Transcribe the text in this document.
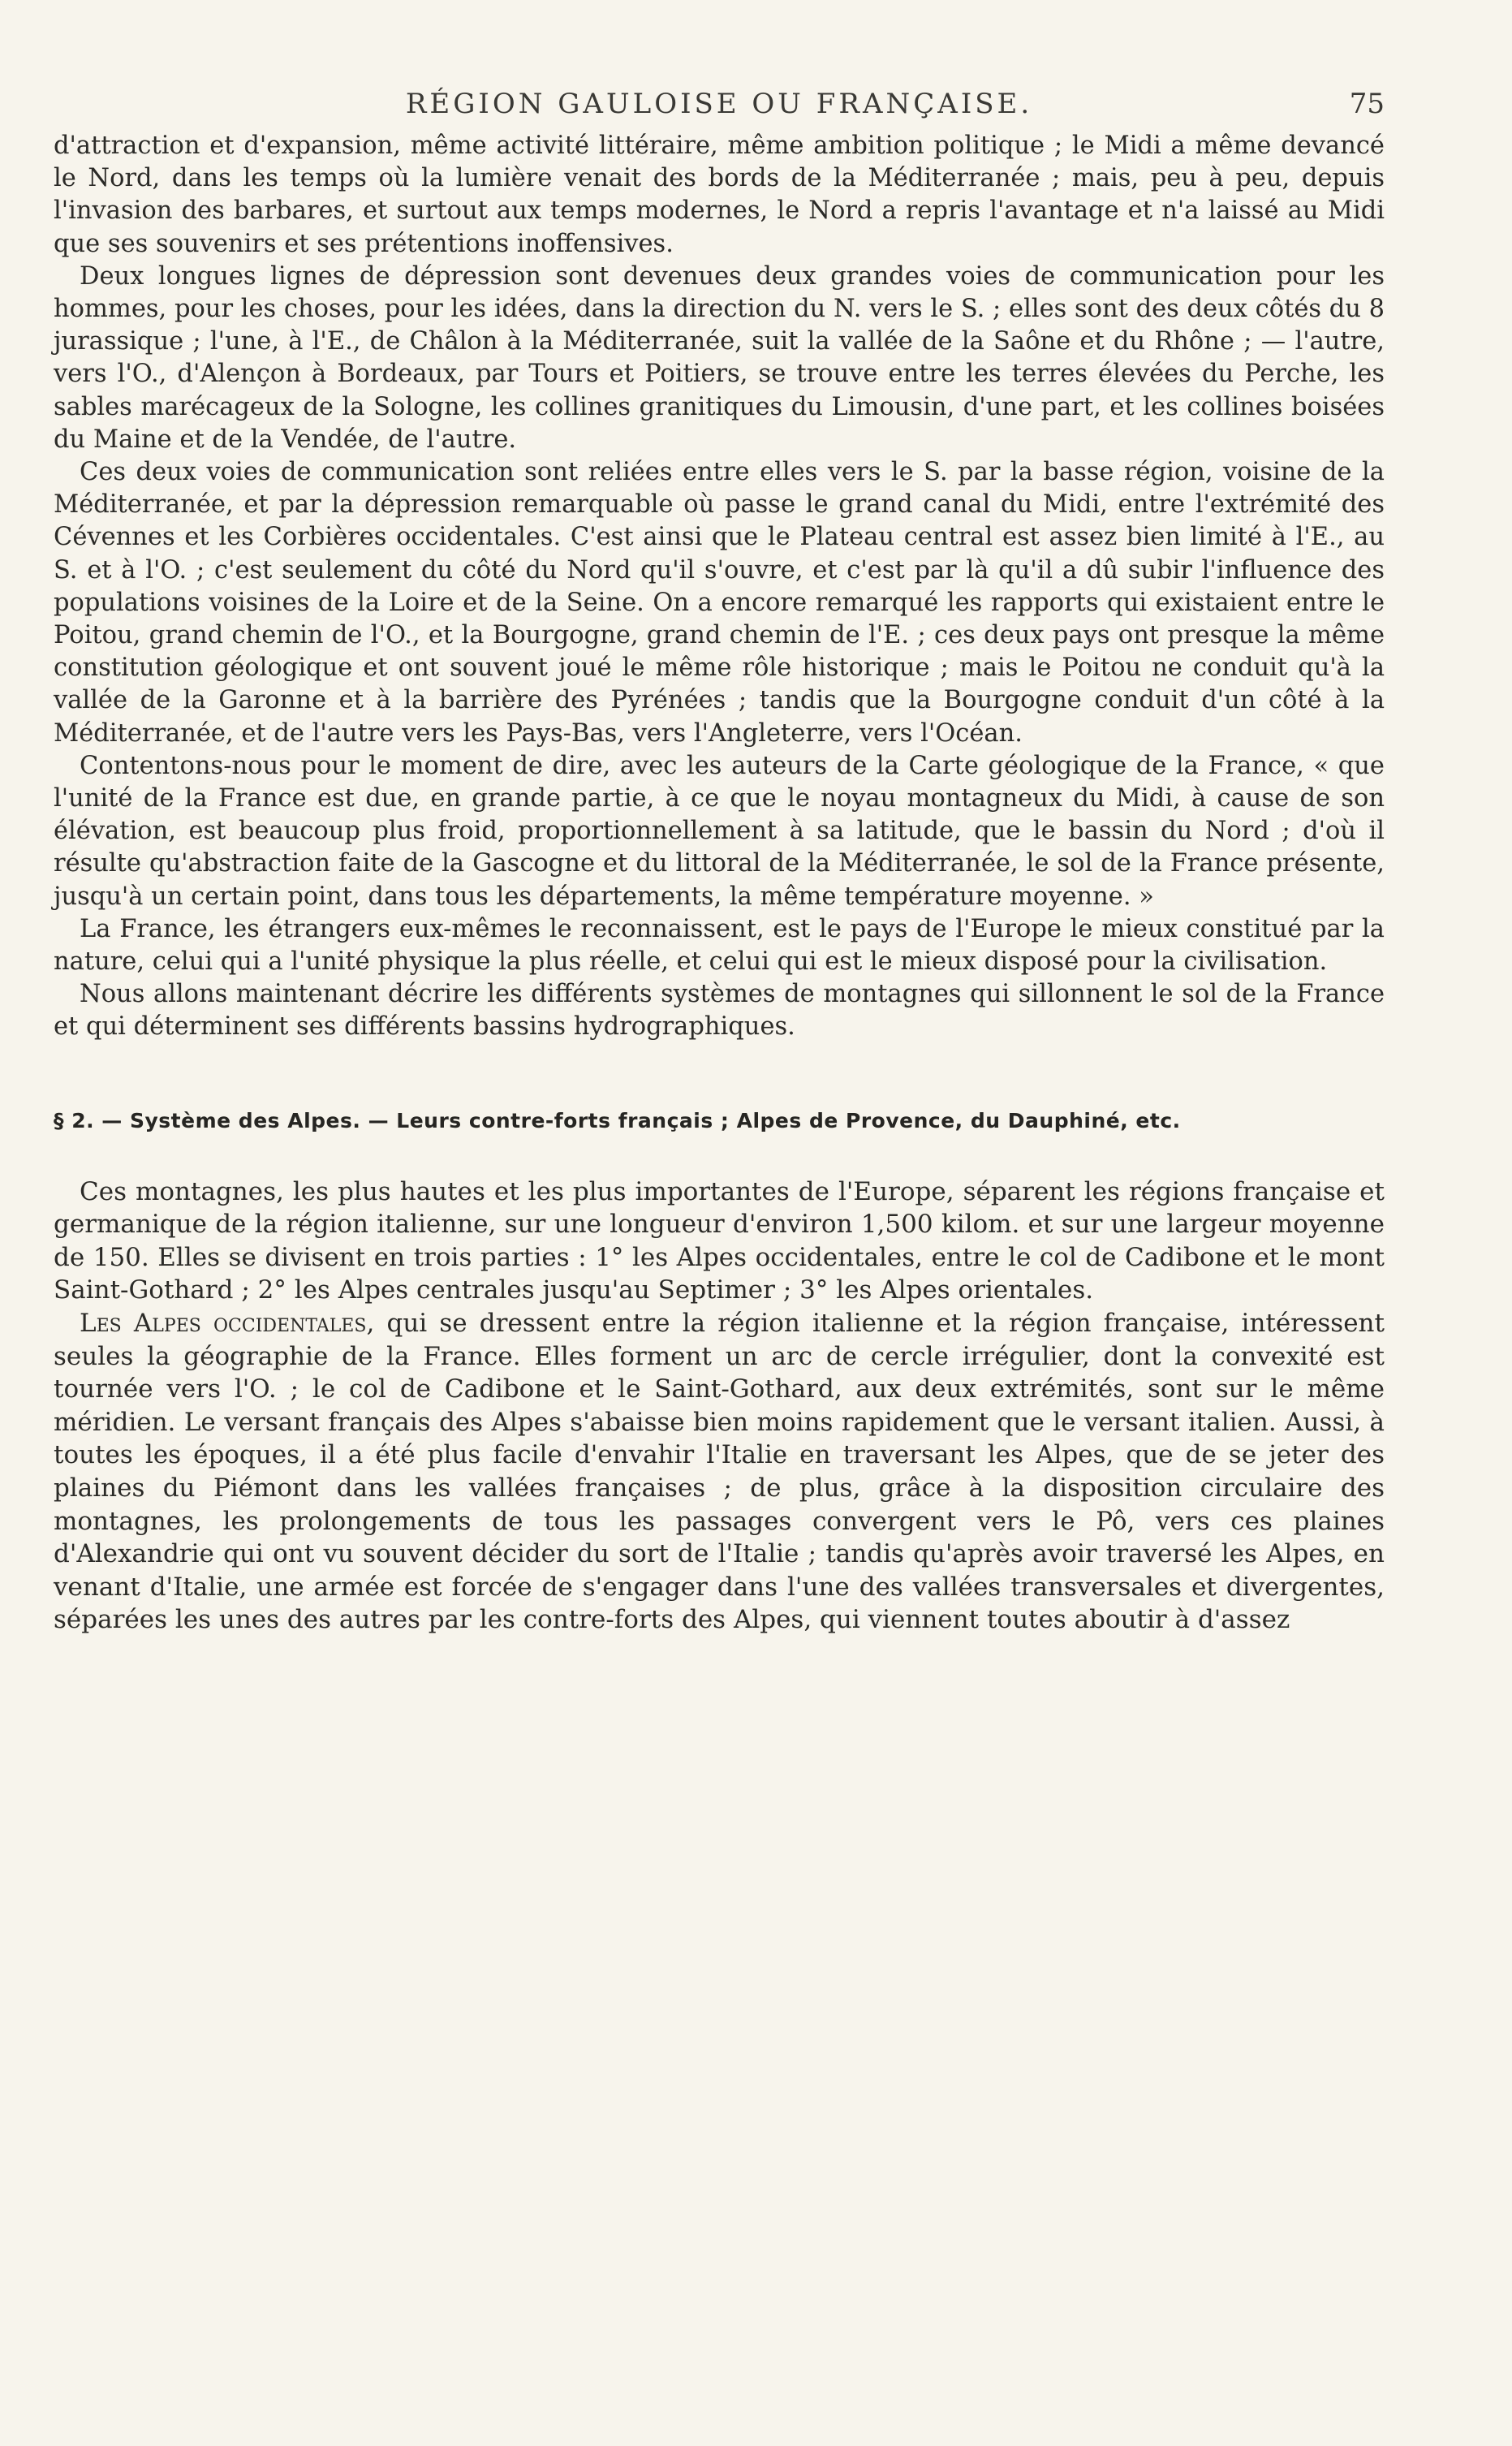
RÉGION GAULOISE OU FRANÇAISE.	75

d'attraction et d'expansion, même activité littéraire, même ambition politique ; le Midi a même devancé le Nord, dans les temps où la lumière venait des bords de la Méditerranée ; mais, peu à peu, depuis l'invasion des barbares, et surtout aux temps modernes, le Nord a repris l'avantage et n'a laissé au Midi que ses souvenirs et ses prétentions inoffensives.

Deux longues lignes de dépression sont devenues deux grandes voies de communication pour les hommes, pour les choses, pour les idées, dans la direction du N. vers le S. ; elles sont des deux côtés du 8 jurassique ; l'une, à l'E., de Châlon à la Méditerranée, suit la vallée de la Saône et du Rhône ; — l'autre, vers l'O., d'Alençon à Bordeaux, par Tours et Poitiers, se trouve entre les terres élevées du Perche, les sables marécageux de la Sologne, les collines granitiques du Limousin, d'une part, et les collines boisées du Maine et de la Vendée, de l'autre.

Ces deux voies de communication sont reliées entre elles vers le S. par la basse région, voisine de la Méditerranée, et par la dépression remarquable où passe le grand canal du Midi, entre l'extrémité des Cévennes et les Corbières occidentales. C'est ainsi que le Plateau central est assez bien limité à l'E., au S. et à l'O. ; c'est seulement du côté du Nord qu'il s'ouvre, et c'est par là qu'il a dû subir l'influence des populations voisines de la Loire et de la Seine. On a encore remarqué les rapports qui existaient entre le Poitou, grand chemin de l'O., et la Bourgogne, grand chemin de l'E. ; ces deux pays ont presque la même constitution géologique et ont souvent joué le même rôle historique ; mais le Poitou ne conduit qu'à la vallée de la Garonne et à la barrière des Pyrénées ; tandis que la Bourgogne conduit d'un côté à la Méditerranée, et de l'autre vers les Pays-Bas, vers l'Angleterre, vers l'Océan.

Contentons-nous pour le moment de dire, avec les auteurs de la Carte géologique de la France, « que l'unité de la France est due, en grande partie, à ce que le noyau montagneux du Midi, à cause de son élévation, est beaucoup plus froid, proportionnellement à sa latitude, que le bassin du Nord ; d'où il résulte qu'abstraction faite de la Gascogne et du littoral de la Méditerranée, le sol de la France présente, jusqu'à un certain point, dans tous les départements, la même température moyenne. »

La France, les étrangers eux-mêmes le reconnaissent, est le pays de l'Europe le mieux constitué par la nature, celui qui a l'unité physique la plus réelle, et celui qui est le mieux disposé pour la civilisation.

Nous allons maintenant décrire les différents systèmes de montagnes qui sillonnent le sol de la France et qui déterminent ses différents bassins hydrographiques.

§ 2. — Système des Alpes. — Leurs contre-forts français ; Alpes de Provence, du Dauphiné, etc.

Ces montagnes, les plus hautes et les plus importantes de l'Europe, séparent les régions française et germanique de la région italienne, sur une longueur d'environ 1,500 kilom. et sur une largeur moyenne de 150. Elles se divisent en trois parties : 1° les Alpes occidentales, entre le col de Cadibone et le mont Saint-Gothard ; 2° les Alpes centrales jusqu'au Septimer ; 3° les Alpes orientales.

Les Alpes occidentales, qui se dressent entre la région italienne et la région française, intéressent seules la géographie de la France. Elles forment un arc de cercle irrégulier, dont la convexité est tournée vers l'O. ; le col de Cadibone et le Saint-Gothard, aux deux extrémités, sont sur le même méridien. Le versant français des Alpes s'abaisse bien moins rapidement que le versant italien. Aussi, à toutes les époques, il a été plus facile d'envahir l'Italie en traversant les Alpes, que de se jeter des plaines du Piémont dans les vallées françaises ; de plus, grâce à la disposition circulaire des montagnes, les prolongements de tous les passages convergent vers le Pô, vers ces plaines d'Alexandrie qui ont vu souvent décider du sort de l'Italie ; tandis qu'après avoir traversé les Alpes, en venant d'Italie, une armée est forcée de s'engager dans l'une des vallées transversales et divergentes, séparées les unes des autres par les contre-forts des Alpes, qui viennent toutes aboutir à d'assez
